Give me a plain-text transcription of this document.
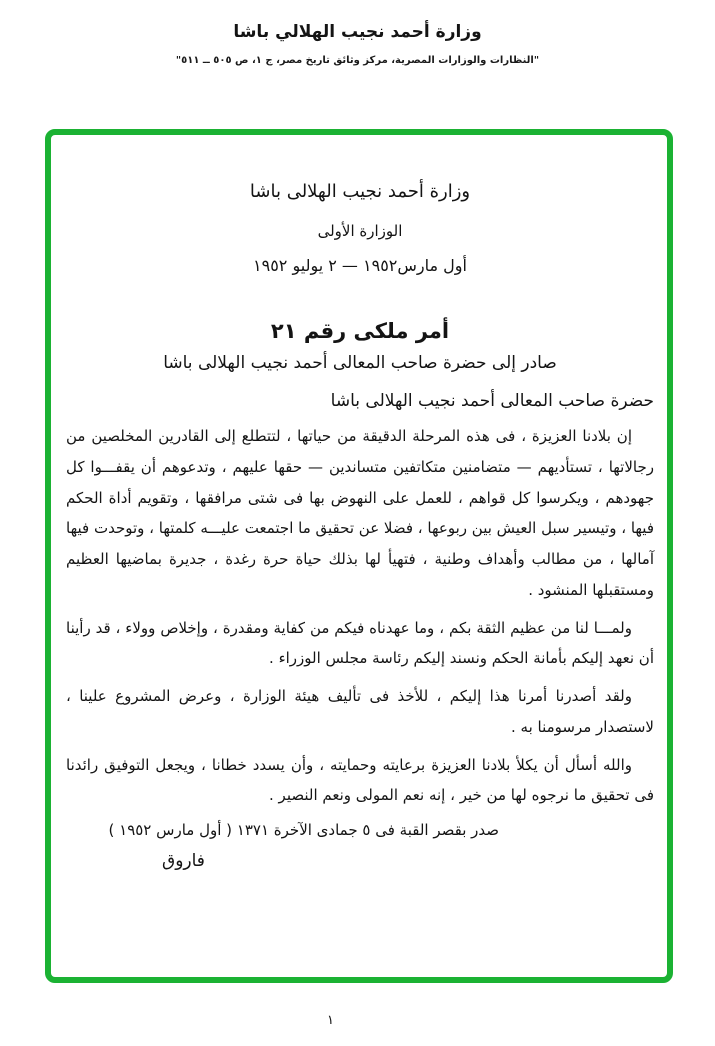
وزارة أحمد نجيب الهلالي باشا
"النظارات والوزارات المصرية، مركز وثائق تاريخ مصر، ج ١، ص ٥٠٥ ــ ٥١١"
وزارة أحمد نجيب الهلالى باشا
الوزارة الأولى
أول مارس١٩٥٢ — ٢ يوليو ١٩٥٢
أمر ملكى رقم ٢١
صادر إلى حضرة صاحب المعالى أحمد نجيب الهلالى باشا
حضرة صاحب المعالى أحمد نجيب الهلالى باشا

إن بلادنا العزيزة ، فى هذه المرحلة الدقيقة من حياتها ، لتتطلع إلى القادرين المخلصين من رجالاتها ، تستأديهم — متضامنين متكاتفين متساندين — حقها عليهم ، وتدعوهم أن يقفـــوا كل جهودهم ، ويكرسوا كل قواهم ، للعمل على النهوض بها فى شتى مرافقها ، وتقويم أداة الحكم فيها ، وتيسير سبل العيش بين ربوعها ، فضلا عن تحقيق ما اجتمعت عليـــه كلمتها ، وتوحدت فيها آمالها ، من مطالب وأهداف وطنية ، فتهيأ لها بذلك حياة حرة رغدة ، جديرة بماضيها العظيم ومستقبلها المنشود .

ولمـــا لنا من عظيم الثقة بكم ، وما عهدناه فيكم من كفاية ومقدرة ، وإخلاص وولاء ، قد رأينا أن نعهد إليكم بأمانة الحكم ونسند إليكم رئاسة مجلس الوزراء .

ولقد أصدرنا أمرنا هذا إليكم ، للأخذ فى تأليف هيئة الوزارة ، وعرض المشروع علينا ، لاستصدار مرسومنا به .

والله أسأل أن يكلأ بلادنا العزيزة برعايته وحمايته ، وأن يسدد خطانا ، ويجعل التوفيق رائدنا فى تحقيق ما نرجوه لها من خير ، إنه نعم المولى ونعم النصير .

صدر بقصر القبة فى ٥ جمادى الآخرة ١٣٧١ ( أول مارس ١٩٥٢ )
فاروق
١
